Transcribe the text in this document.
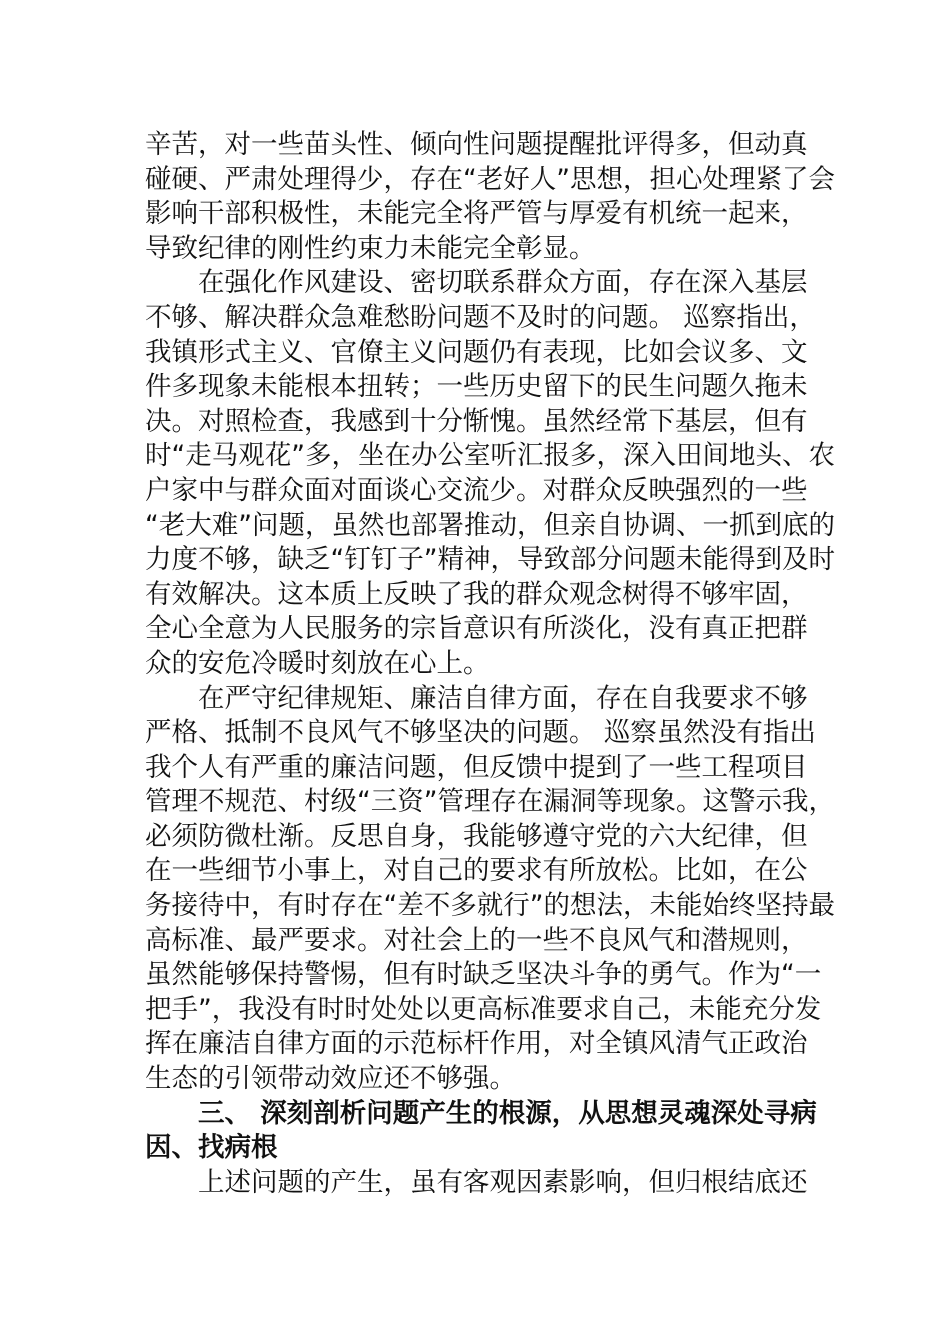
辛苦，对一些苗头性、倾向性问题提醒批评得多，但动真
碰硬、严肃处理得少，存在“老好人”思想，担心处理紧了会
影响干部积极性，未能完全将严管与厚爱有机统一起来，
导致纪律的刚性约束力未能完全彰显。
在强化作风建设、密切联系群众方面，存在深入基层
不够、解决群众急难愁盼问题不及时的问题。 巡察指出，
我镇形式主义、官僚主义问题仍有表现，比如会议多、文
件多现象未能根本扭转；一些历史留下的民生问题久拖未
决。对照检查，我感到十分惭愧。虽然经常下基层，但有
时“走马观花”多，坐在办公室听汇报多，深入田间地头、农
户家中与群众面对面谈心交流少。对群众反映强烈的一些
“老大难”问题，虽然也部署推动，但亲自协调、一抓到底的
力度不够，缺乏“钉钉子”精神，导致部分问题未能得到及时
有效解决。这本质上反映了我的群众观念树得不够牢固，
全心全意为人民服务的宗旨意识有所淡化，没有真正把群
众的安危冷暖时刻放在心上。
在严守纪律规矩、廉洁自律方面，存在自我要求不够
严格、抵制不良风气不够坚决的问题。 巡察虽然没有指出
我个人有严重的廉洁问题，但反馈中提到了一些工程项目
管理不规范、村级“三资”管理存在漏洞等现象。这警示我，
必须防微杜渐。反思自身，我能够遵守党的六大纪律，但
在一些细节小事上，对自己的要求有所放松。比如，在公
务接待中，有时存在“差不多就行”的想法，未能始终坚持最
高标准、最严要求。对社会上的一些不良风气和潜规则，
虽然能够保持警惕，但有时缺乏坚决斗争的勇气。作为“一
把手”，我没有时时处处以更高标准要求自己，未能充分发
挥在廉洁自律方面的示范标杆作用，对全镇风清气正政治
生态的引领带动效应还不够强。
三、 深刻剖析问题产生的根源，从思想灵魂深处寻病
因、找病根
上述问题的产生，虽有客观因素影响，但归根结底还
